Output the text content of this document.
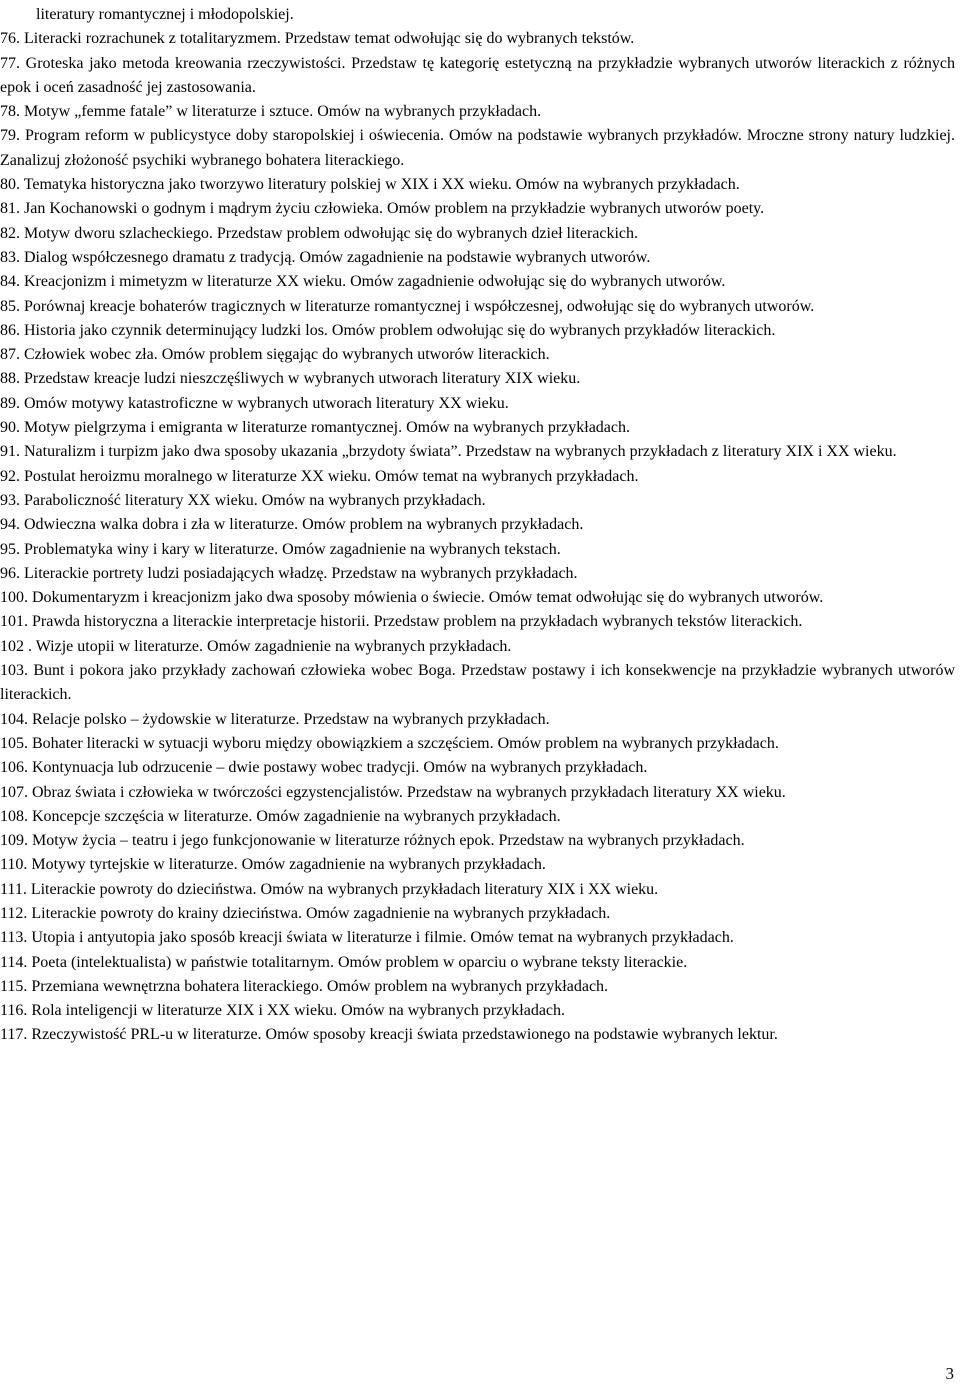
literatury romantycznej i młodopolskiej.
76. Literacki rozrachunek z totalitaryzmem. Przedstaw temat odwołując się do wybranych tekstów.
77. Groteska jako metoda kreowania rzeczywistości. Przedstaw tę kategorię estetyczną na przykładzie wybranych utworów literackich z różnych epok i oceń zasadność jej zastosowania.
78. Motyw „femme fatale” w literaturze i sztuce. Omów na wybranych przykładach.
79. Program reform w publicystyce doby staropolskiej i oświecenia. Omów na podstawie wybranych przykładów. Mroczne strony natury ludzkiej. Zanalizuj złożoność psychiki wybranego bohatera literackiego.
80. Tematyka historyczna jako tworzywo literatury polskiej w XIX i XX wieku. Omów na wybranych przykładach.
81. Jan Kochanowski o godnym i mądrym życiu człowieka. Omów problem na przykładzie wybranych utworów poety.
82. Motyw dworu szlacheckiego. Przedstaw problem odwołując się do wybranych dzieł literackich.
83. Dialog współczesnego dramatu z tradycją. Omów zagadnienie na podstawie wybranych utworów.
84. Kreacjonizm i mimetyzm w literaturze XX wieku. Omów zagadnienie odwołując się do wybranych utworów.
85. Porównaj kreacje bohaterów tragicznych w literaturze romantycznej i współczesnej, odwołując się do wybranych utworów.
86. Historia jako czynnik determinujący ludzki los. Omów problem odwołując się do wybranych przykładów literackich.
87. Człowiek wobec zła. Omów problem sięgając do wybranych utworów literackich.
88. Przedstaw kreacje ludzi nieszczęśliwych w wybranych utworach literatury XIX wieku.
89. Omów motywy katastroficzne w wybranych utworach literatury XX wieku.
90. Motyw pielgrzyma i emigranta w literaturze romantycznej. Omów na wybranych przykładach.
91. Naturalizm i turpizm jako dwa sposoby ukazania „brzydoty świata”. Przedstaw na wybranych przykładach z literatury XIX i XX wieku.
92. Postulat heroizmu moralnego w literaturze XX wieku. Omów temat na wybranych przykładach.
93. Paraboliczność literatury XX wieku. Omów na wybranych przykładach.
94. Odwieczna walka dobra i zła w literaturze. Omów problem na wybranych przykładach.
95. Problematyka winy i kary w literaturze. Omów zagadnienie na wybranych tekstach.
96. Literackie portrety ludzi posiadających władzę. Przedstaw na wybranych przykładach.
100. Dokumentaryzm i kreacjonizm jako dwa sposoby mówienia o świecie. Omów temat odwołując się do wybranych utworów.
101. Prawda historyczna a literackie interpretacje historii. Przedstaw problem na przykładach wybranych tekstów literackich.
102 . Wizje utopii w literaturze. Omów zagadnienie na wybranych przykładach.
103. Bunt i pokora jako przykłady zachowań człowieka wobec Boga. Przedstaw postawy i ich konsekwencje na przykładzie wybranych utworów literackich.
104. Relacje polsko – żydowskie w literaturze. Przedstaw na wybranych przykładach.
105. Bohater literacki w sytuacji wyboru między obowiązkiem a szczęściem. Omów problem na wybranych przykładach.
106. Kontynuacja lub odrzucenie – dwie postawy wobec tradycji. Omów na wybranych przykładach.
107. Obraz świata i człowieka w twórczości egzystencjalistów. Przedstaw na wybranych przykładach literatury XX wieku.
108. Koncepcje szczęścia w literaturze. Omów zagadnienie na wybranych przykładach.
109. Motyw życia – teatru i jego funkcjonowanie w literaturze różnych epok. Przedstaw na wybranych przykładach.
110. Motywy tyrtejskie w literaturze. Omów zagadnienie na wybranych przykładach.
111. Literackie powroty do dzieciństwa. Omów na wybranych przykładach literatury XIX i XX wieku.
112. Literackie powroty do krainy dzieciństwa. Omów zagadnienie na wybranych przykładach.
113. Utopia i antyutopia jako sposób kreacji świata w literaturze i filmie. Omów temat na wybranych przykładach.
114. Poeta (intelektualista) w państwie totalitarnym. Omów problem w oparciu o wybrane teksty literackie.
115. Przemiana wewnętrzna bohatera literackiego. Omów problem na wybranych przykładach.
116. Rola inteligencji w literaturze XIX i XX wieku. Omów na wybranych przykładach.
117. Rzeczywistość PRL-u w literaturze. Omów sposoby kreacji świata przedstawionego na podstawie wybranych lektur.
3
